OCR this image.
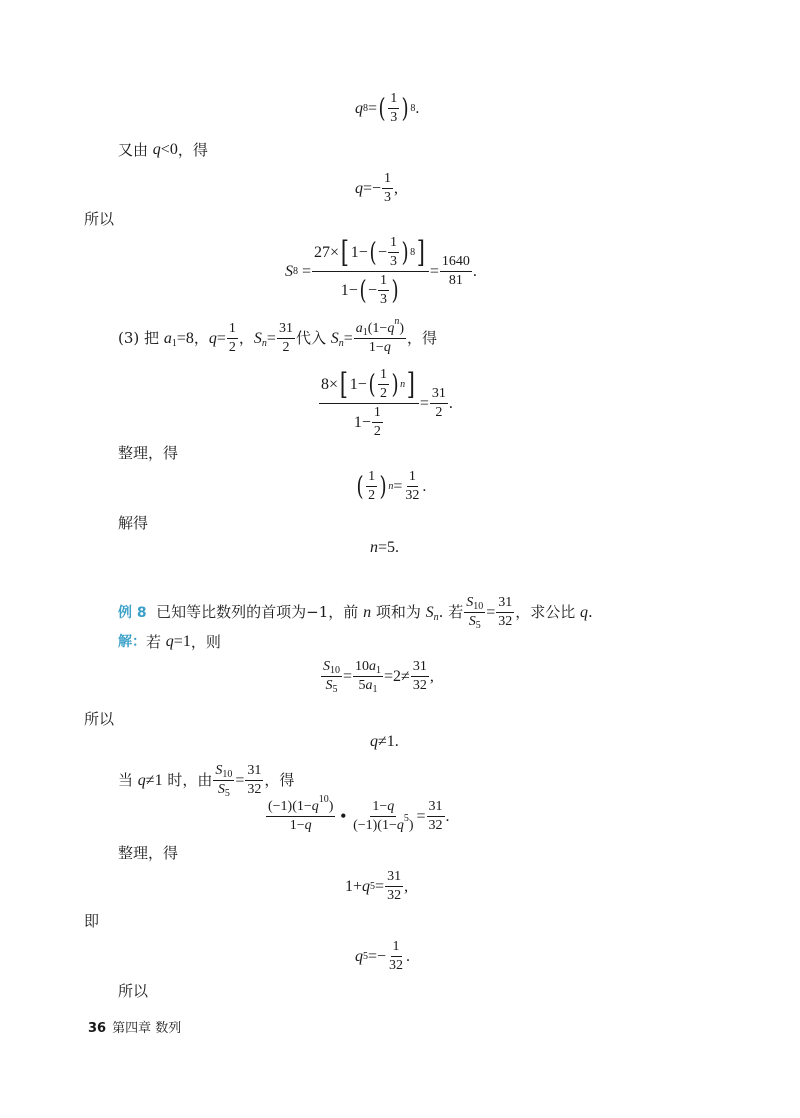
q 8 = ( $\frac{1}{3}$ ) 8 .
又由
q<0 ， 得
$q =- \frac{1}{3}$ ,
所以
S $8 = \frac{27\times [ 1- ( - \frac{1}{3} ) 8 ]}{1- ( - \frac{1}{3} )} = \frac{1640}{81}$ .
(3) 把
$a_1=8$ ， $q= \frac{1}{2}$ ， $S_n= \frac{31}{2}$ 代入
$S_n= \frac{a_1(1-q^n)}{1-q}$ ， 得
$\frac{8\times [ 1- ( \frac{1}{2} ) n ]}{1- \frac{1}{2}} = \frac{31}{2}$ .
整理，得
( $\frac{1}{2}$ ) $n = \frac{1}{32}$ .
解得
n=5.
例 8
已知等比数列的首项为−1，前
n
项和为
$S_n$ . 若 $\frac{S_{10}}{S_5} = \frac{31}{32}$ ，求公比
q .
解： 若
q=1 ，则
$\frac{S_{10}}{S_5} = \frac{10a_1}{5a_1} =2\ne \frac{31}{32}$ ,
所以
q≠1.
当
q≠1
时，由 $\frac{S_{10}}{S_5} = \frac{31}{32}$ ， 得
$\frac{(-1)(1-q^{10})}{1-q}$ • $\frac{1-q}{(-1)(1-q^5)} = \frac{31}{32}$ .
整理，得
1+ q $5 = \frac{31}{32}$ ,
即
q $5 =- \frac{1}{32}$ .
所以
36 第四章 数列
